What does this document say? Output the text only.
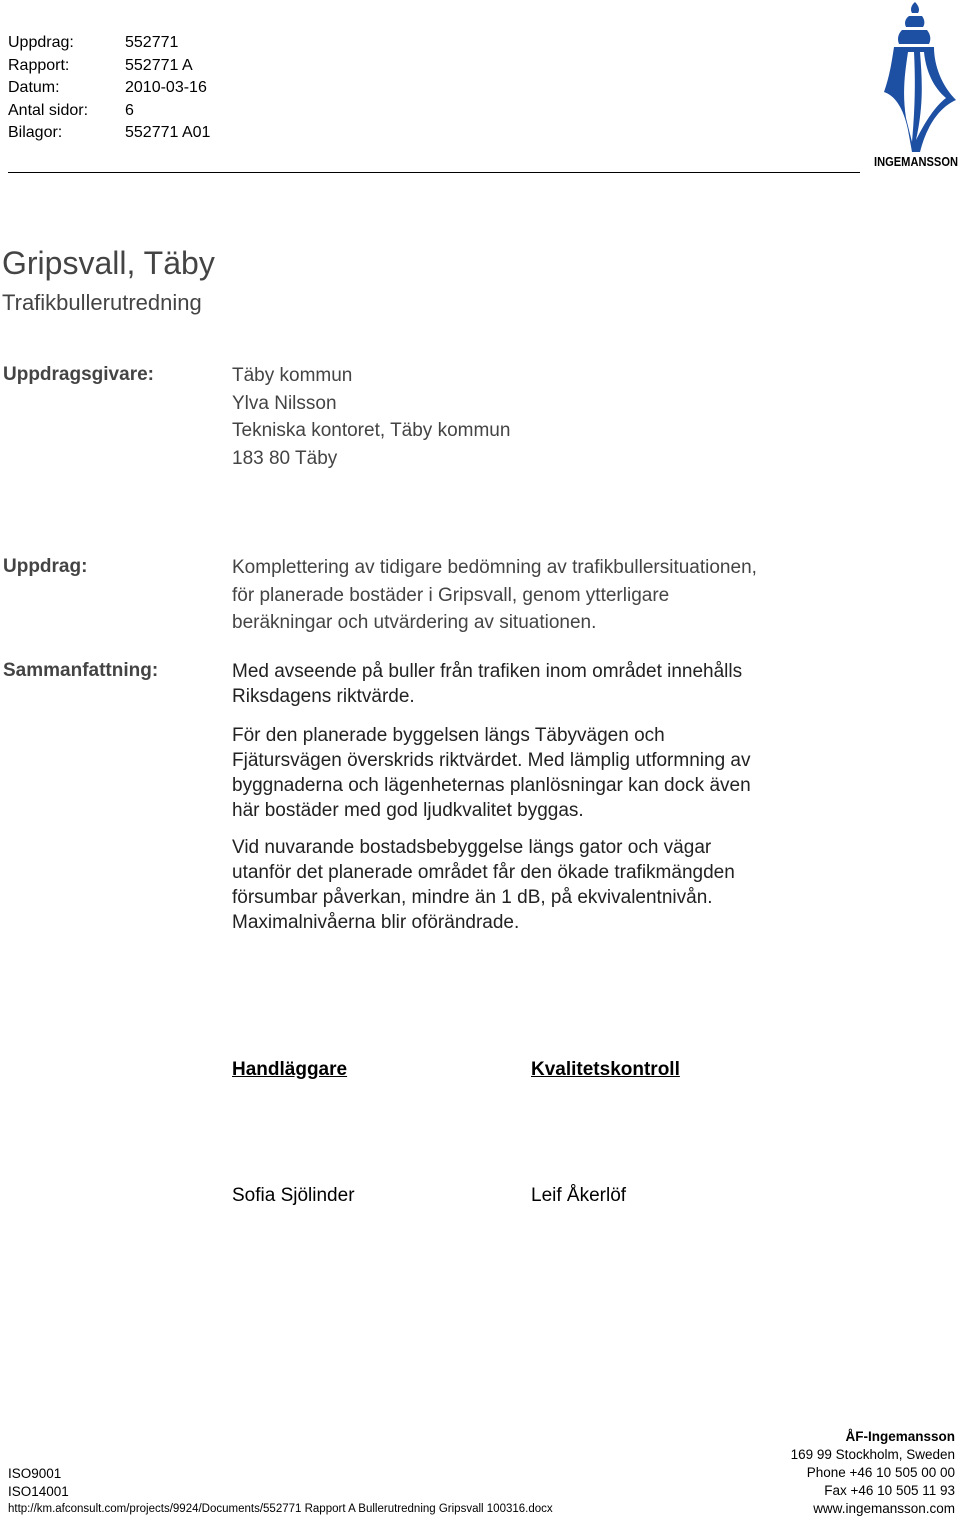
Uppdrag:	552771
Rapport:	552771 A
Datum:	2010-03-16
Antal sidor:	6
Bilagor:	552771 A01
INGEMANSSON
Gripsvall, Täby
Trafikbullerutredning
Uppdragsgivare:	Täby kommun
Ylva Nilsson
Tekniska kontoret, Täby kommun
183 80 Täby
Uppdrag:	Komplettering av tidigare bedömning av trafikbullersituationen,
för planerade bostäder i Gripsvall, genom ytterligare
beräkningar och utvärdering av situationen.
Sammanfattning:	Med avseende på buller från trafiken inom området innehålls
Riksdagens riktvärde.
För den planerade byggelsen längs Täbyvägen och
Fjätursvägen överskrids riktvärdet. Med lämplig utformning av
byggnaderna och lägenheternas planlösningar kan dock även
här bostäder med god ljudkvalitet byggas.
Vid nuvarande bostadsbebyggelse längs gator och vägar
utanför det planerade området får den ökade trafikmängden
försumbar påverkan, mindre än 1 dB, på ekvivalentnivån.
Maximalnivåerna blir oförändrade.
Handläggare	Kvalitetskontroll
Sofia Sjölinder	Leif Åkerlöf
ISO9001
ISO14001
http://km.afconsult.com/projects/9924/Documents/552771 Rapport A Bullerutredning Gripsvall 100316.docx
ÅF-Ingemansson
169 99 Stockholm, Sweden
Phone +46 10 505 00 00
Fax +46 10 505 11 93
www.ingemansson.com
